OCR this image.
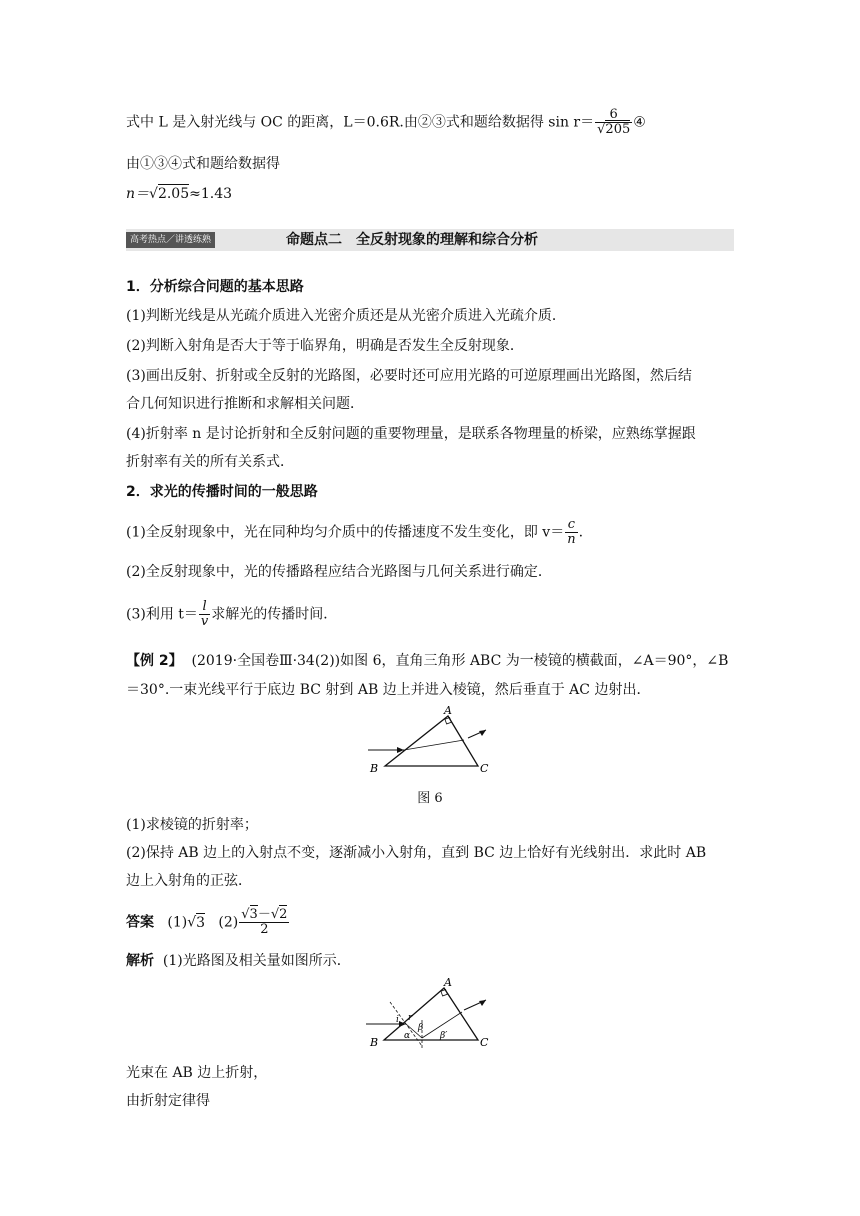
式中 L 是入射光线与 OC 的距离，L＝0.6R.由②③式和题给数据得 $\sin r= \frac{6}{√205}$ ④
由①③④式和题给数据得
n＝√2.05≈1.43
高考热点／讲透练熟	命题点二　全反射现象的理解和综合分析
1．分析综合问题的基本思路
(1)判断光线是从光疏介质进入光密介质还是从光密介质进入光疏介质．
(2)判断入射角是否大于等于临界角，明确是否发生全反射现象．
(3)画出反射、折射或全反射的光路图，必要时还可应用光路的可逆原理画出光路图，然后结
合几何知识进行推断和求解相关问题．
(4)折射率 n 是讨论折射和全反射问题的重要物理量，是联系各物理量的桥梁，应熟练掌握跟
折射率有关的所有关系式．
2．求光的传播时间的一般思路
(1)全反射现象中，光在同种均匀介质中的传播速度不发生变化，即 $v= \frac{c}{n}$ .
(2)全反射现象中，光的传播路程应结合光路图与几何关系进行确定．
(3)利用 $t= \frac{l}{v}$ 求解光的传播时间．
【例 2】 (2019·全国卷Ⅲ·34(2))如图 6，直角三角形 ABC 为一棱镜的横截面，∠A＝90°，∠B
＝30°.一束光线平行于底边 BC 射到 AB 边上并进入棱镜，然后垂直于 AC 边射出．
A
B	C
图 6
(1)求棱镜的折射率；
(2)保持 AB 边上的入射点不变，逐渐减小入射角，直到 BC 边上恰好有光线射出．求此时 AB
边上入射角的正弦．
答案 (1)√3 $(2) \frac{√3-√2}{2}$
解析 (1)光路图及相关量如图所示．
A
B	C
i r
β
α	β′
光束在 AB 边上折射，
由折射定律得
